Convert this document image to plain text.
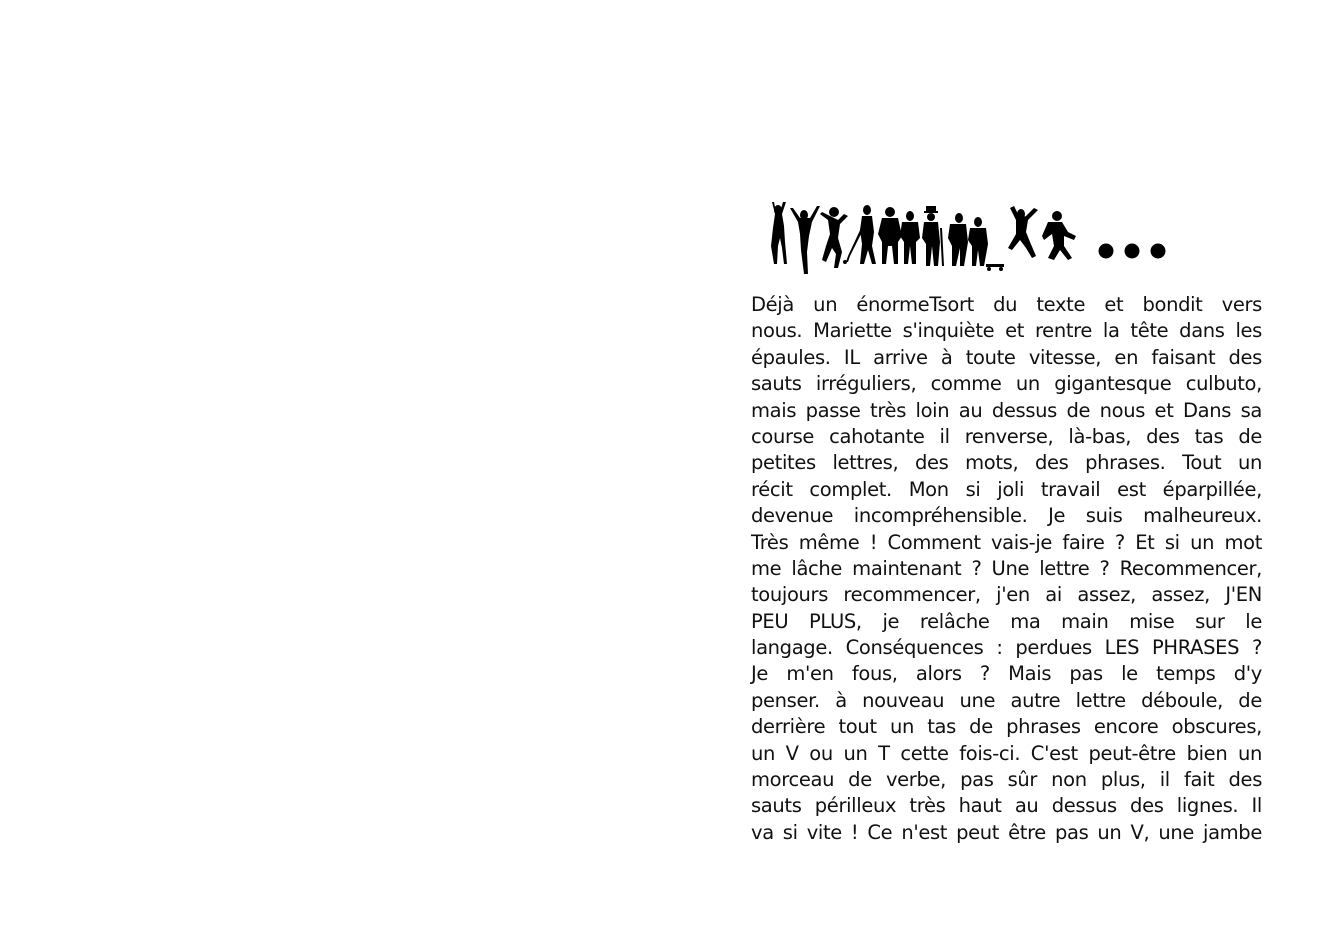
Déjà un énormeTsort du texte et bondit vers
nous. Mariette s'inquiète et rentre la tête dans les
épaules. IL arrive à toute vitesse, en faisant des
sauts irréguliers, comme un gigantesque culbuto,
mais passe très loin au dessus de nous et Dans sa
course cahotante il renverse, là-bas, des tas de
petites lettres, des mots, des phrases. Tout un
récit complet. Mon si joli travail est éparpillée,
devenue incompréhensible. Je suis malheureux.
Très même ! Comment vais-je faire ? Et si un mot
me lâche maintenant ? Une lettre ? Recommencer,
toujours recommencer, j'en ai assez, assez, J'EN
PEU PLUS, je relâche ma main mise sur le
langage. Conséquences : perdues LES PHRASES ?
Je m'en fous, alors ? Mais pas le temps d'y
penser. à nouveau une autre lettre déboule, de
derrière tout un tas de phrases encore obscures,
un V ou un T cette fois-ci. C'est peut-être bien un
morceau de verbe, pas sûr non plus, il fait des
sauts périlleux très haut au dessus des lignes. Il
va si vite ! Ce n'est peut être pas un V, une jambe
